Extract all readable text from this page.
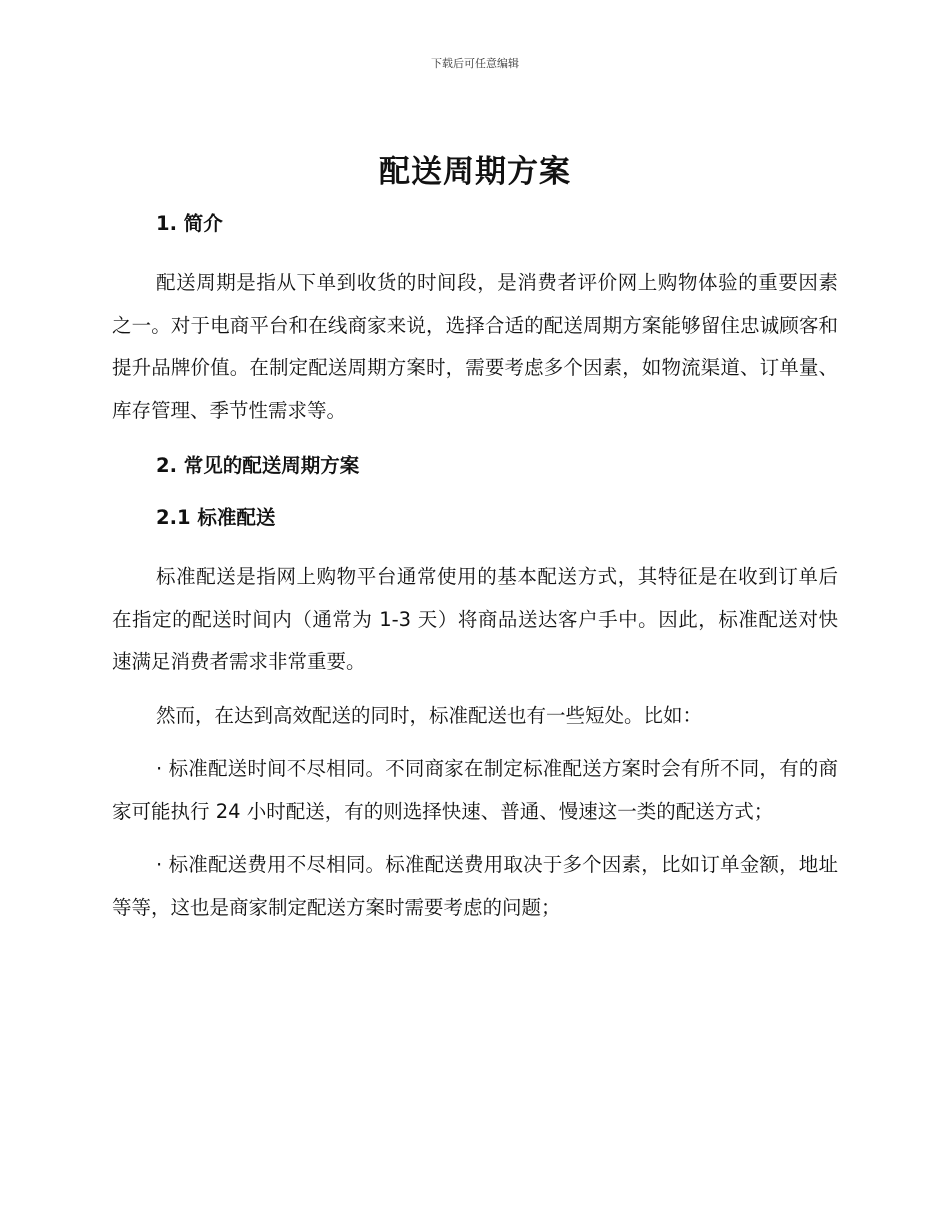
下载后可任意编辑
配送周期方案
1. 简介

配送周期是指从下单到收货的时间段，是消费者评价网上购物体验的重要因素之一。对于电商平台和在线商家来说，选择合适的配送周期方案能够留住忠诚顾客和提升品牌价值。在制定配送周期方案时，需要考虑多个因素，如物流渠道、订单量、库存管理、季节性需求等。

2. 常见的配送周期方案
2.1 标准配送

标准配送是指网上购物平台通常使用的基本配送方式，其特征是在收到订单后在指定的配送时间内（通常为 1-3 天）将商品送达客户手中。因此，标准配送对快速满足消费者需求非常重要。

然而，在达到高效配送的同时，标准配送也有一些短处。比如：

· 标准配送时间不尽相同。不同商家在制定标准配送方案时会有所不同，有的商家可能执行 24 小时配送，有的则选择快速、普通、慢速这一类的配送方式；

· 标准配送费用不尽相同。标准配送费用取决于多个因素，比如订单金额，地址等等，这也是商家制定配送方案时需要考虑的问题；
